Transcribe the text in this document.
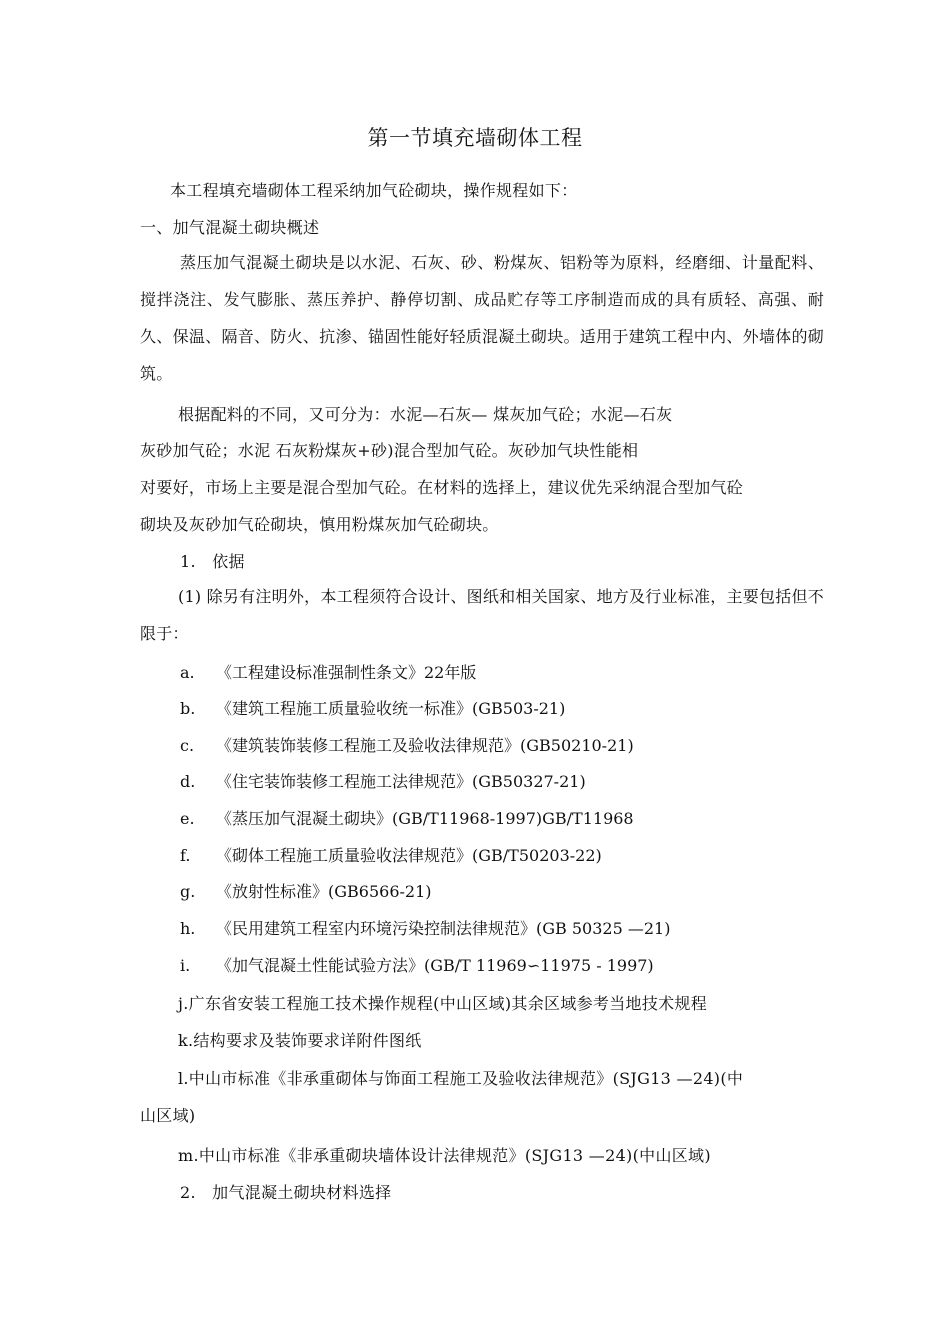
第一节填充墙砌体工程
本工程填充墙砌体工程采纳加气砼砌块，操作规程如下：
一、加气混凝土砌块概述
蒸压加气混凝土砌块是以水泥、石灰、砂、粉煤灰、铝粉等为原料，经磨细、计量配料、搅拌浇注、发气膨胀、蒸压养护、静停切割、成品贮存等工序制造而成的具有质轻、高强、耐久、保温、隔音、防火、抗渗、锚固性能好轻质混凝土砌块。适用于建筑工程中内、外墙体的砌筑。
根据配料的不同，又可分为：水泥—石灰— 煤灰加气砼；水泥—石灰
灰砂加气砼；水泥 石灰粉煤灰+砂)混合型加气砼。灰砂加气块性能相
对要好，市场上主要是混合型加气砼。在材料的选择上，建议优先采纳混合型加气砼
砌块及灰砂加气砼砌块，慎用粉煤灰加气砼砌块。
1.　依据
(1) 除另有注明外，本工程须符合设计、图纸和相关国家、地方及行业标准，主要包括但不限于：
a. 《工程建设标准强制性条文》22年版
b. 《建筑工程施工质量验收统一标准》(GB503-21)
c. 《建筑装饰装修工程施工及验收法律规范》(GB50210-21)
d. 《住宅装饰装修工程施工法律规范》(GB50327-21)
e. 《蒸压加气混凝土砌块》(GB/T11968-1997)GB/T11968
f. 《砌体工程施工质量验收法律规范》(GB/T50203-22)
g. 《放射性标准》(GB6566-21)
h. 《民用建筑工程室内环境污染控制法律规范》(GB 50325 —21)
i. 《加气混凝土性能试验方法》(GB/T 11969∽11975 - 1997)
j.广东省安装工程施工技术操作规程(中山区域)其余区域参考当地技术规程
k.结构要求及装饰要求详附件图纸
l.中山市标准《非承重砌体与饰面工程施工及验收法律规范》(SJG13 —24)(中
山区域)
m.中山市标准《非承重砌块墙体设计法律规范》(SJG13 —24)(中山区域)
2.　加气混凝土砌块材料选择
